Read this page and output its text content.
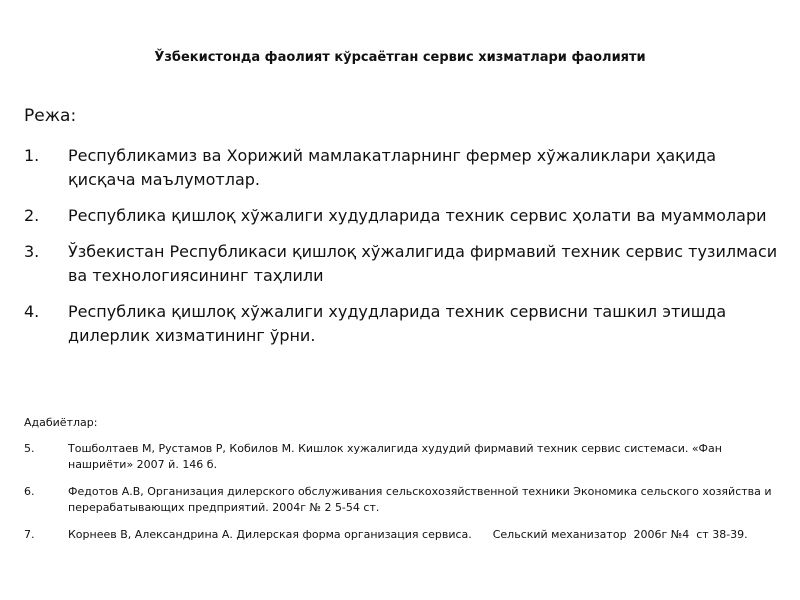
Ўзбекистонда фаолият кўрсаётган сервис хизматлари фаолияти
Режа:
1.	Республикамиз ва Хорижий мамлакатларнинг фермер хўжаликлари ҳақида қисқача маълумотлар.
2.	Республика қишлоқ хўжалиги худудларида техник сервис ҳолати ва муаммолари
3.	Ўзбекистан Республикаси қишлоқ хўжалигида фирмавий техник сервис тузилмаси ва технологиясининг таҳлили
4.	Республика қишлоқ хўжалиги худудларида техник сервисни ташкил этишда дилерлик хизматининг ўрни.
Адабиётлар:
5.	Тошболтаев М, Рустамов Р, Кобилов М. Кишлок хужалигида худудий фирмавий техник сервис системаси. «Фан нашриёти» 2007 й. 146 б.
6.	Федотов А.В, Организация дилерского обслуживания сельскохозяйственной техники Экономика сельского хозяйства и перерабатывающих предприятий. 2004г № 2 5-54 ст.
7.	Корнеев В, Александрина А. Дилерская форма организация сервиса.      Сельский механизатор  2006г №4  ст 38-39.
